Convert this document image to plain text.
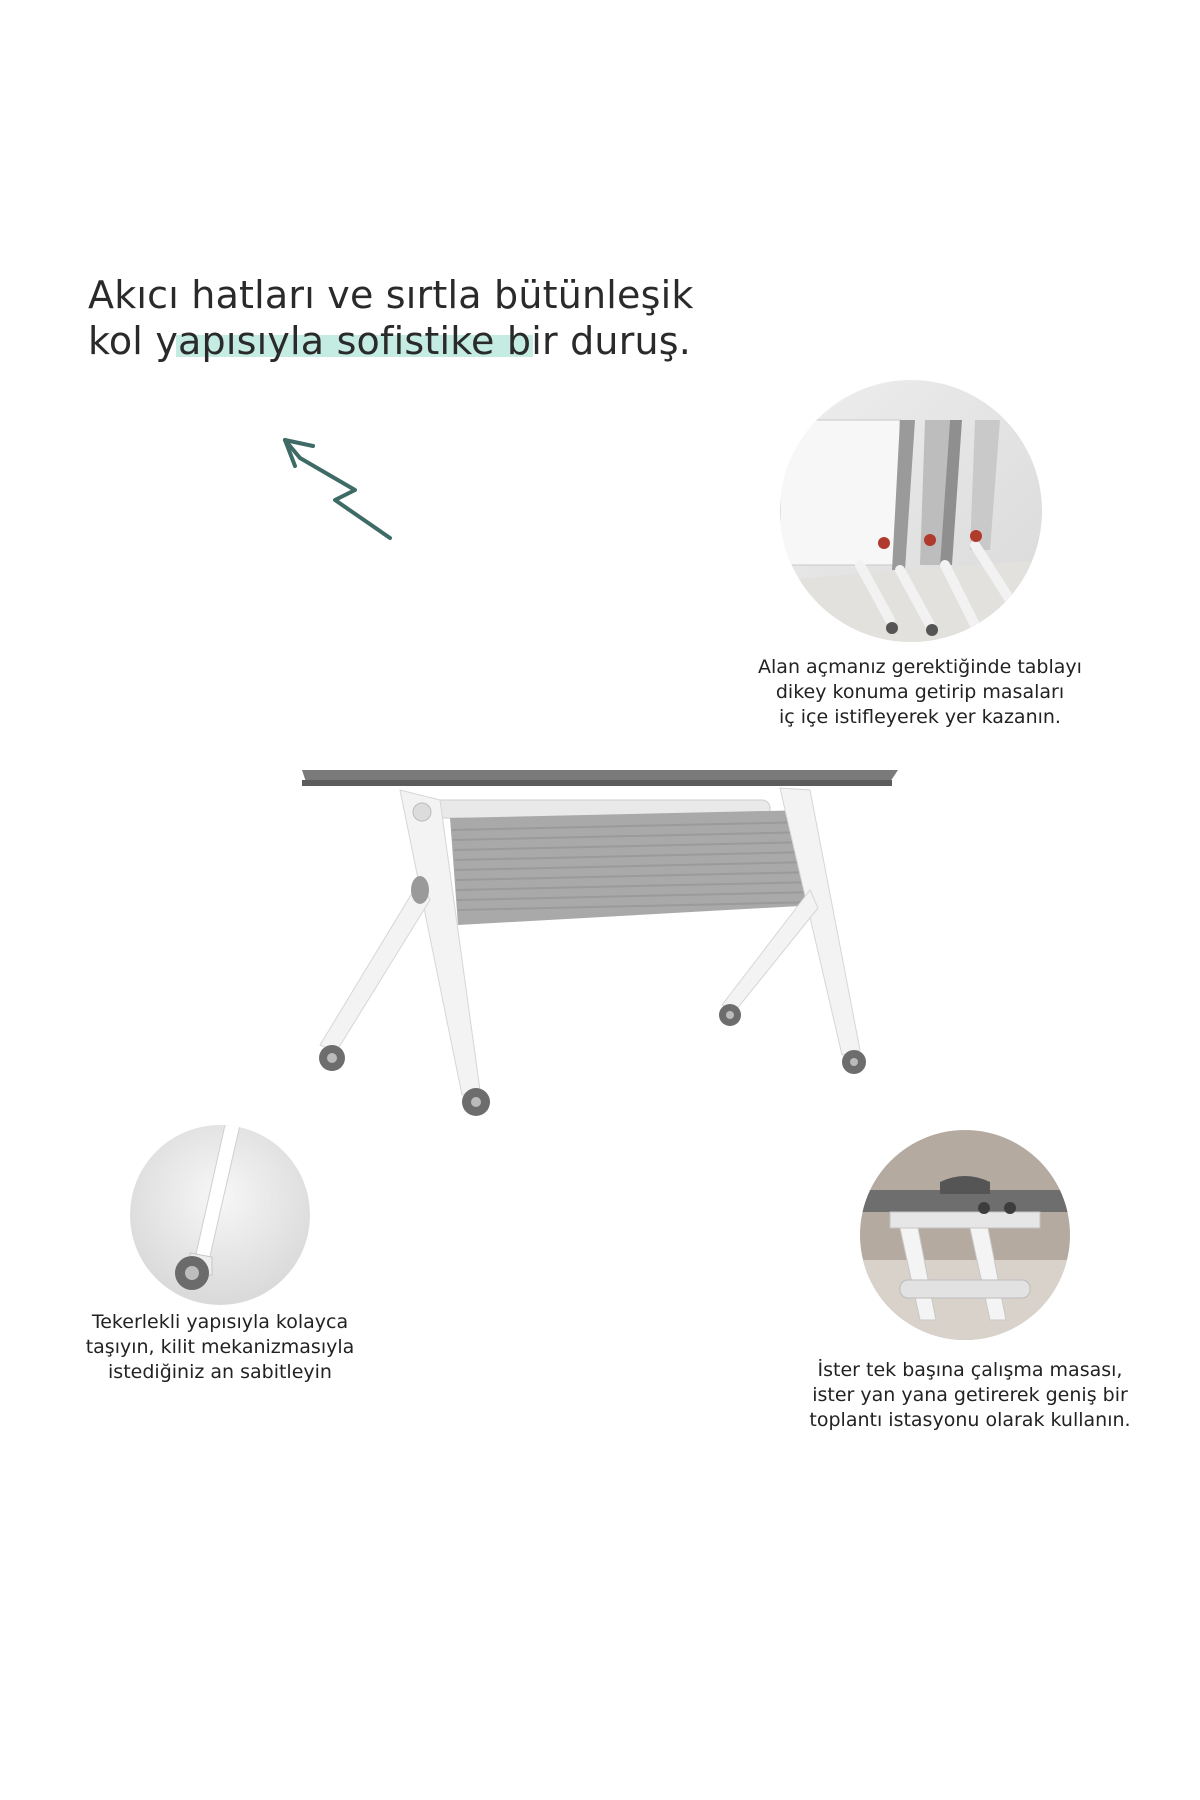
Akıcı hatları ve sırtla bütünleşik
kol yapısıyla sofistike bir duruş.
Alan açmanız gerektiğinde tablayı
dikey konuma getirip masaları
iç içe istifleyerek yer kazanın.
Tekerlekli yapısıyla kolayca
taşıyın, kilit mekanizmasıyla
istediğiniz an sabitleyin	İster tek başına çalışma masası,
ister yan yana getirerek geniş bir
toplantı istasyonu olarak kullanın.
